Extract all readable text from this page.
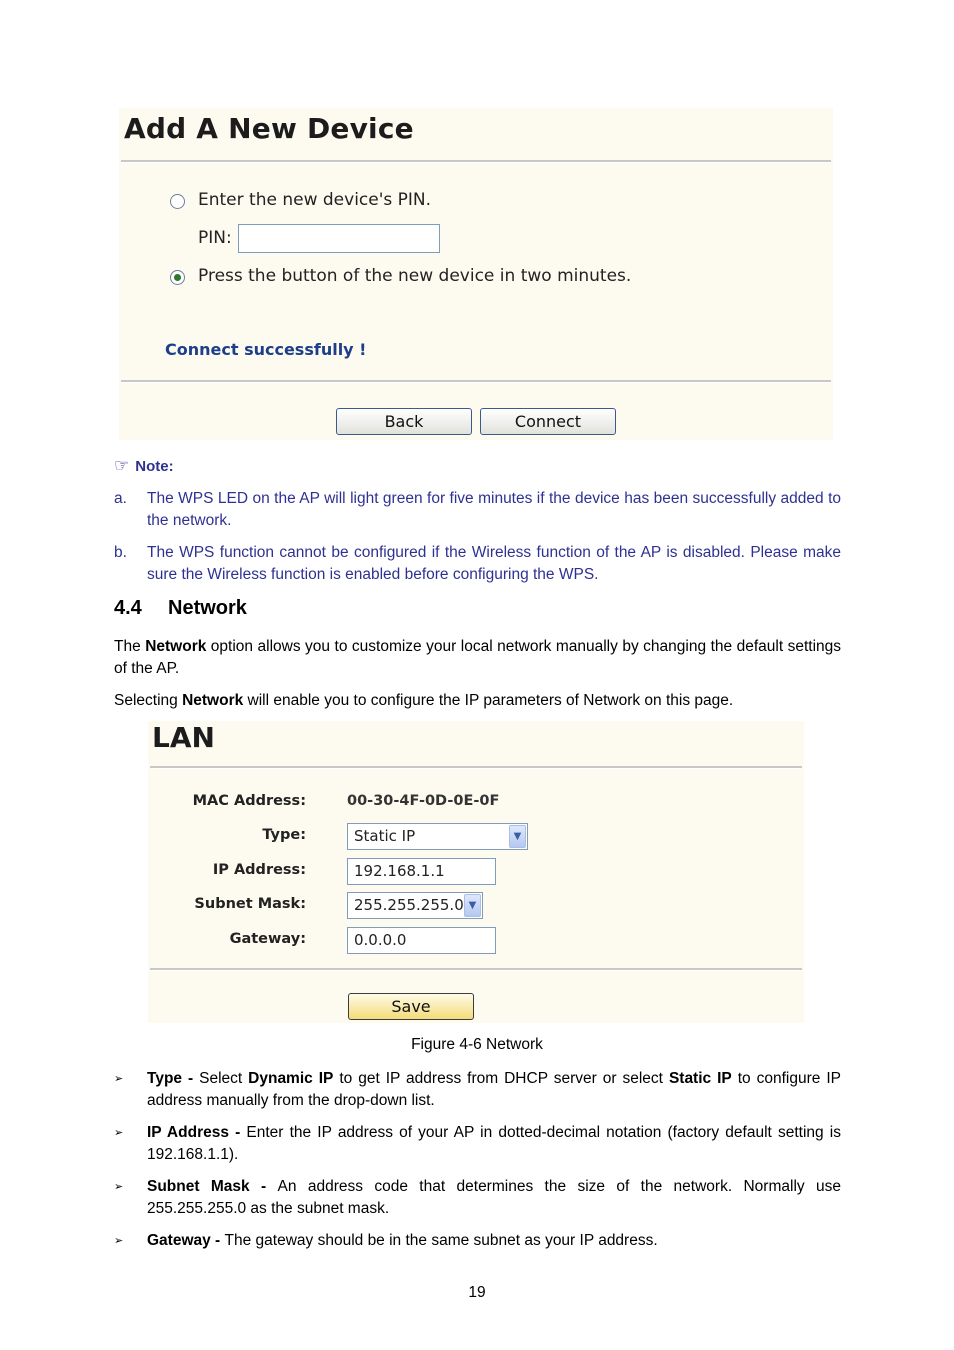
Add A New Device
Enter the new device's PIN.
PIN:
Press the button of the new device in two minutes.
Connect successfully !
Back	Connect
☞ Note:
a. The WPS LED on the AP will light green for five minutes if the device has been successfully added to the network.
b. The WPS function cannot be configured if the Wireless function of the AP is disabled. Please make sure the Wireless function is enabled before configuring the WPS.
4.4 Network
The Network option allows you to customize your local network manually by changing the default settings of the AP.
Selecting Network will enable you to configure the IP parameters of Network on this page.
LAN
MAC Address:	00-30-4F-0D-0E-0F
Type:	Static IP	▼
IP Address:	192.168.1.1
Subnet Mask:	255.255.255.0 ▼
Gateway:	0.0.0.0
Save
Figure 4-6 Network
➢ Type - Select Dynamic IP to get IP address from DHCP server or select Static IP to configure IP address manually from the drop-down list.
➢ IP Address - Enter the IP address of your AP in dotted-decimal notation (factory default setting is 192.168.1.1).
➢ Subnet Mask - An address code that determines the size of the network. Normally use 255.255.255.0 as the subnet mask.
➢ Gateway - The gateway should be in the same subnet as your IP address.
19
